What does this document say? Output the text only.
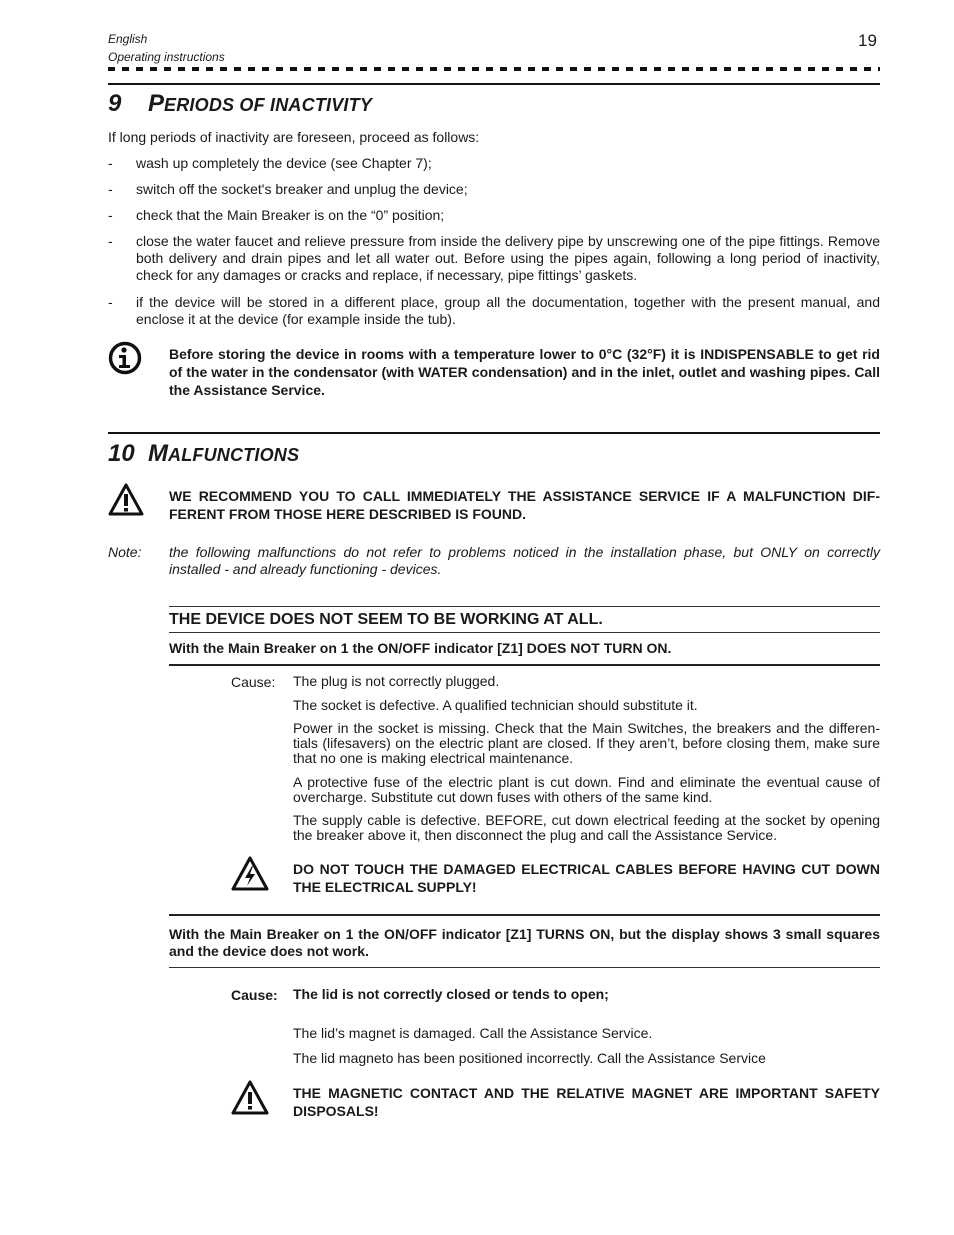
English
Operating instructions
19
9 PERIODS OF INACTIVITY
If long periods of inactivity are foreseen, proceed as follows:
- wash up completely the device (see Chapter 7);
- switch off the socket's breaker and unplug the device;
- check that the Main Breaker is on the “0” position;
- close the water faucet and relieve pressure from inside the delivery pipe by unscrewing one of the pipe fittings. Remove both delivery and drain pipes and let all water out. Before using the pipes again, following a long period of inactivity, check for any damages or cracks and replace, if necessary, pipe fittings’ gaskets.
- if the device will be stored in a different place, group all the documentation, together with the present manual, and enclose it at the device (for example inside the tub).
Before storing the device in rooms with a temperature lower to 0°C (32°F) it is INDISPENSABLE to get rid of the water in the condensator (with WATER condensation) and in the inlet, outlet and washing pipes. Call the Assistance Service.
10 MALFUNCTIONS
WE RECOMMEND YOU TO CALL IMMEDIATELY THE ASSISTANCE SERVICE IF A MALFUNCTION DIF-FERENT FROM THOSE HERE DESCRIBED IS FOUND.
Note: the following malfunctions do not refer to problems noticed in the installation phase, but ONLY on correctly installed - and already functioning - devices.
THE DEVICE DOES NOT SEEM TO BE WORKING AT ALL.
With the Main Breaker on 1 the ON/OFF indicator [Z1] DOES NOT TURN ON.
Cause: The plug is not correctly plugged.
The socket is defective. A qualified technician should substitute it.
Power in the socket is missing. Check that the Main Switches, the breakers and the differen-tials (lifesavers) on the electric plant are closed. If they aren’t, before closing them, make sure that no one is making electrical maintenance.
A protective fuse of the electric plant is cut down. Find and eliminate the eventual cause of overcharge. Substitute cut down fuses with others of the same kind.
The supply cable is defective. BEFORE, cut down electrical feeding at the socket by opening the breaker above it, then disconnect the plug and call the Assistance Service.
DO NOT TOUCH THE DAMAGED ELECTRICAL CABLES BEFORE HAVING CUT DOWN THE ELECTRICAL SUPPLY!
With the Main Breaker on 1 the ON/OFF indicator [Z1] TURNS ON, but the display shows 3 small squares and the device does not work.
Cause: The lid is not correctly closed or tends to open;
The lid’s magnet is damaged. Call the Assistance Service.
The lid magneto has been positioned incorrectly. Call the Assistance Service
THE MAGNETIC CONTACT AND THE RELATIVE MAGNET ARE IMPORTANT SAFETY DISPOSALS!
